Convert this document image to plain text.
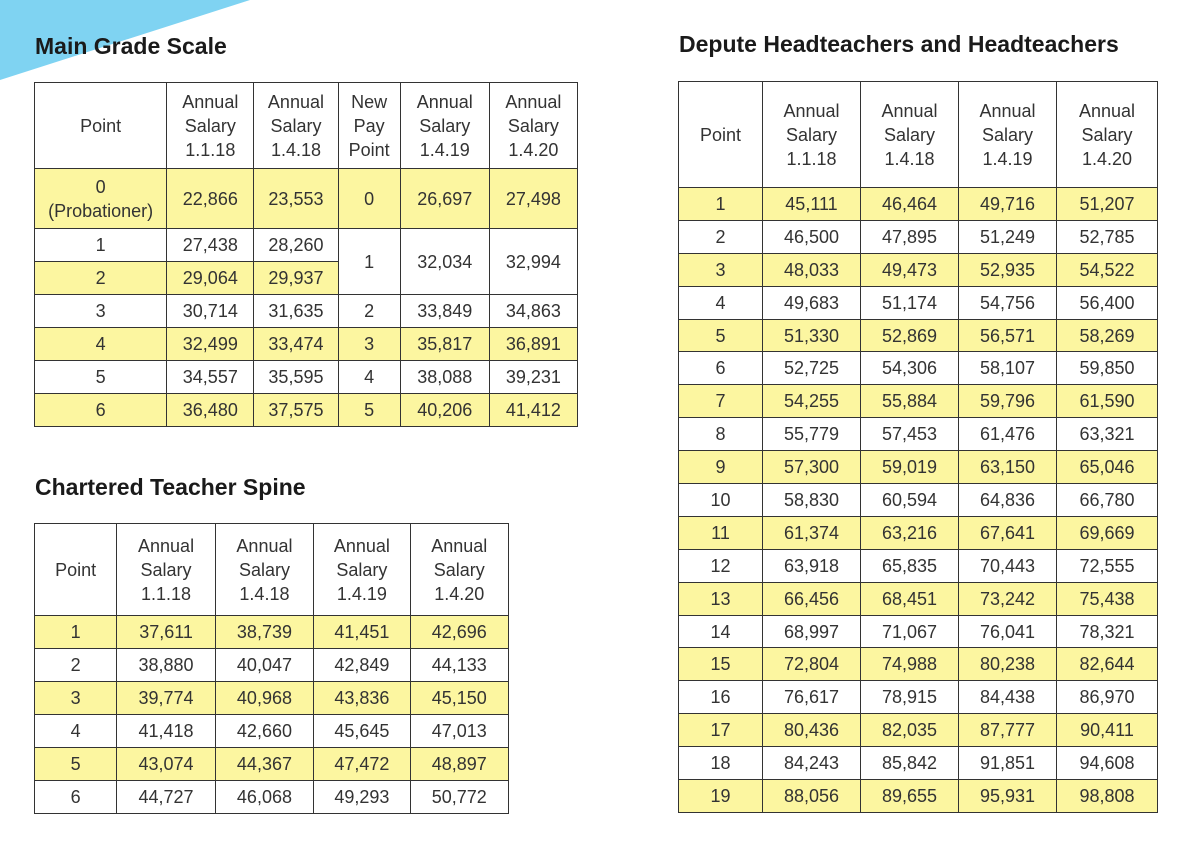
Main Grade Scale
Point	Annual
Salary
1.1.18	Annual
Salary
1.4.18	New
Pay
Point	Annual
Salary
1.4.19	Annual
Salary
1.4.20
0
(Probationer)	22,866	23,553	0	26,697	27,498
1	27,438	28,260	1	32,034	32,994
2	29,064	29,937			
3	30,714	31,635	2	33,849	34,863
4	32,499	33,474	3	35,817	36,891
5	34,557	35,595	4	38,088	39,231
6	36,480	37,575	5	40,206	41,412
Chartered Teacher Spine
Point	Annual
Salary
1.1.18	Annual
Salary
1.4.18	Annual
Salary
1.4.19	Annual
Salary
1.4.20
1	37,611	38,739	41,451	42,696
2	38,880	40,047	42,849	44,133
3	39,774	40,968	43,836	45,150
4	41,418	42,660	45,645	47,013
5	43,074	44,367	47,472	48,897
6	44,727	46,068	49,293	50,772
Depute Headteachers and Headteachers
Point	Annual
Salary
1.1.18	Annual
Salary
1.4.18	Annual
Salary
1.4.19	Annual
Salary
1.4.20
1	45,111	46,464	49,716	51,207
2	46,500	47,895	51,249	52,785
3	48,033	49,473	52,935	54,522
4	49,683	51,174	54,756	56,400
5	51,330	52,869	56,571	58,269
6	52,725	54,306	58,107	59,850
7	54,255	55,884	59,796	61,590
8	55,779	57,453	61,476	63,321
9	57,300	59,019	63,150	65,046
10	58,830	60,594	64,836	66,780
11	61,374	63,216	67,641	69,669
12	63,918	65,835	70,443	72,555
13	66,456	68,451	73,242	75,438
14	68,997	71,067	76,041	78,321
15	72,804	74,988	80,238	82,644
16	76,617	78,915	84,438	86,970
17	80,436	82,035	87,777	90,411
18	84,243	85,842	91,851	94,608
19	88,056	89,655	95,931	98,808
